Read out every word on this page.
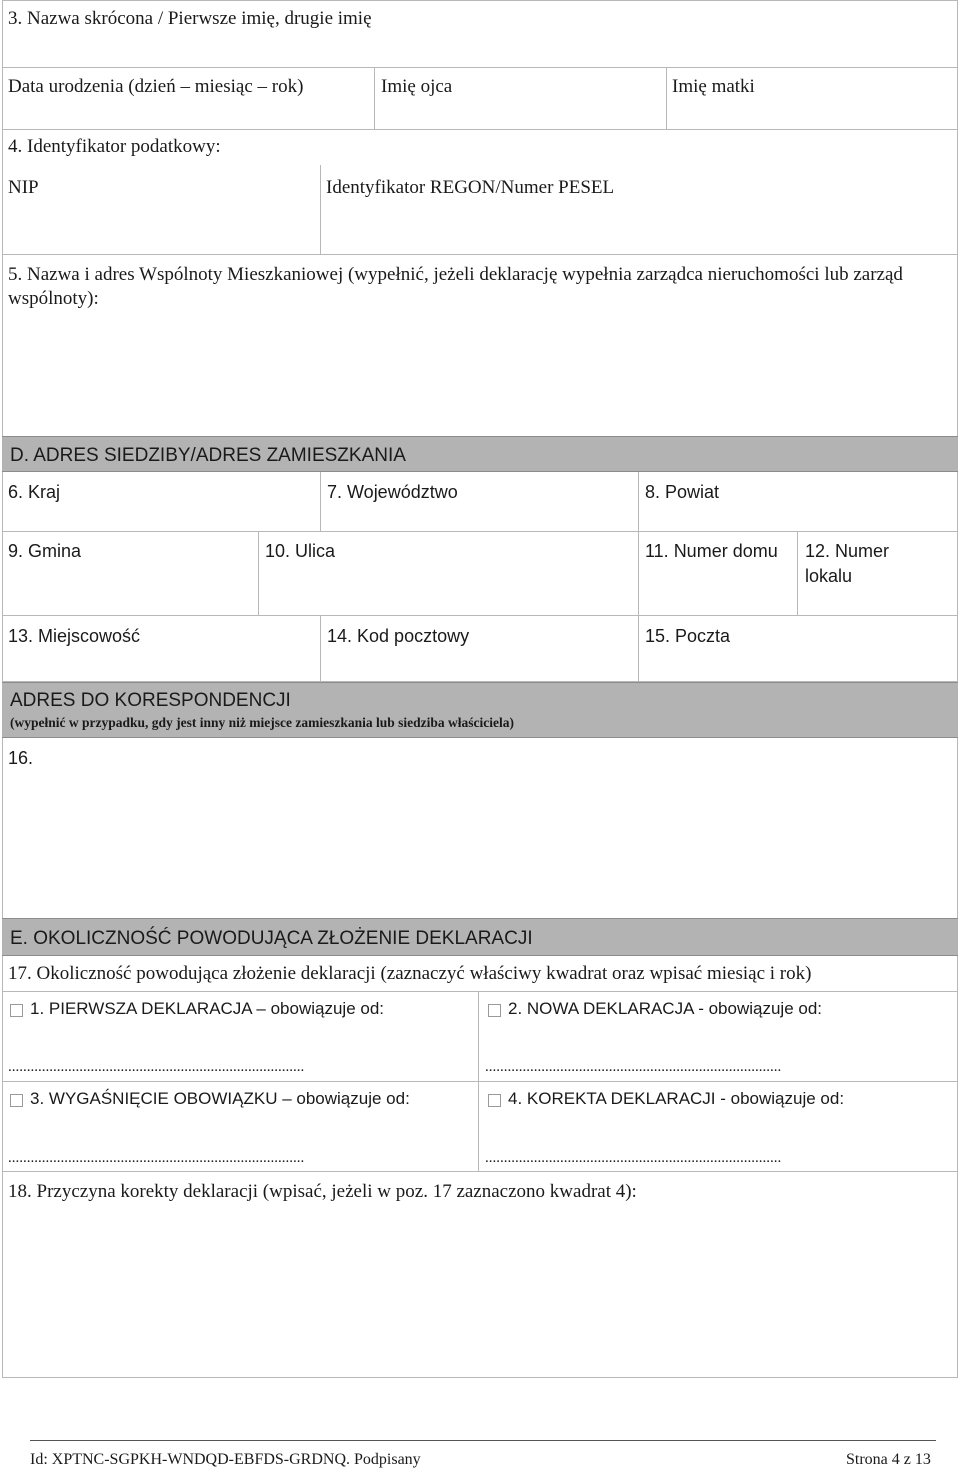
3. Nazwa skrócona / Pierwsze imię, drugie imię
Data urodzenia (dzień – miesiąc – rok)	Imię ojca	Imię matki
4. Identyfikator podatkowy:
NIP	Identyfikator REGON/Numer PESEL
5. Nazwa i adres Wspólnoty Mieszkaniowej (wypełnić, jeżeli deklarację wypełnia zarządca nieruchomości lub zarząd wspólnoty):
D. ADRES SIEDZIBY/ADRES ZAMIESZKANIA
6. Kraj	7. Województwo	8. Powiat
9. Gmina	10. Ulica	11. Numer domu 12. Numer lokalu
13. Miejscowość	14. Kod pocztowy	15. Poczta
ADRES DO KORESPONDENCJI
(wypełnić w przypadku, gdy jest inny niż miejsce zamieszkania lub siedziba właściciela)
16.
E. OKOLICZNOŚĆ POWODUJĄCA ZŁOŻENIE DEKLARACJI
17. Okoliczność powodująca złożenie deklaracji (zaznaczyć właściwy kwadrat oraz wpisać miesiąc i rok)
1. PIERWSZA DEKLARACJA – obowiązuje od:
...............................................................................
2. NOWA DEKLARACJA - obowiązuje od:
...............................................................................
3. WYGAŚNIĘCIE OBOWIĄZKU – obowiązuje od:
...............................................................................
4. KOREKTA DEKLARACJI - obowiązuje od:
...............................................................................
18. Przyczyna korekty deklaracji (wpisać, jeżeli w poz. 17 zaznaczono kwadrat 4):
Id: XPTNC-SGPKH-WNDQD-EBFDS-GRDNQ. Podpisany	Strona 4 z 13
